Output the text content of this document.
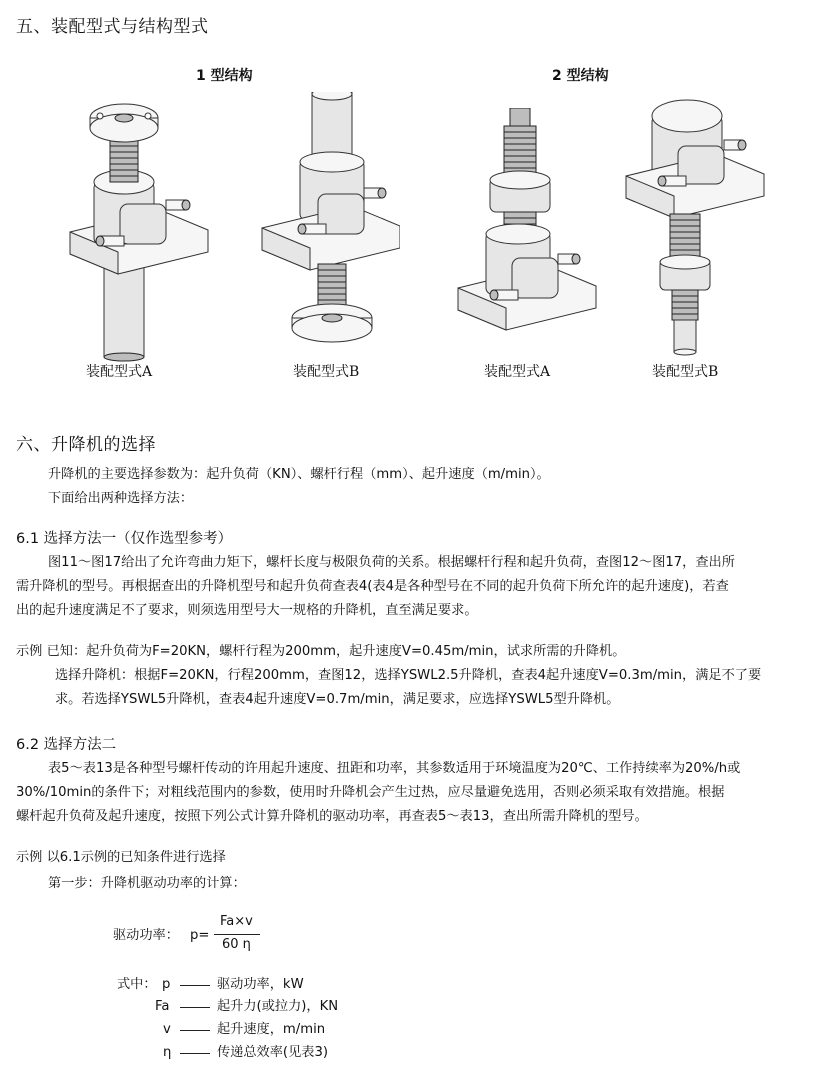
五、装配型式与结构型式
1 型结构	2 型结构
装配型式A	装配型式B	装配型式A	装配型式B
六、升降机的选择
升降机的主要选择参数为：起升负荷（KN）、螺杆行程（mm）、起升速度（m/min）。
下面给出两种选择方法：
6.1 选择方法一（仅作选型参考）
图11～图17给出了允许弯曲力矩下，螺杆长度与极限负荷的关系。根据螺杆行程和起升负荷，查图12～图17，查出所
需升降机的型号。再根据查出的升降机型号和起升负荷查表4(表4是各种型号在不同的起升负荷下所允许的起升速度)，若查
出的起升速度满足不了要求，则须选用型号大一规格的升降机，直至满足要求。
示例 已知：起升负荷为F=20KN，螺杆行程为200mm，起升速度V=0.45m/min，试求所需的升降机。
选择升降机：根据F=20KN，行程200mm，查图12，选择YSWL2.5升降机，查表4起升速度V=0.3m/min，满足不了要
求。若选择YSWL5升降机，查表4起升速度V=0.7m/min，满足要求，应选择YSWL5型升降机。
6.2 选择方法二
表5～表13是各种型号螺杆传动的许用起升速度、扭距和功率，其参数适用于环境温度为20℃、工作持续率为20%/h或
30%/10min的条件下；对粗线范围内的参数，使用时升降机会产生过热，应尽量避免选用，否则必须采取有效措施。根据
螺杆起升负荷及起升速度，按照下列公式计算升降机的驱动功率，再查表5～表13，查出所需升降机的型号。
示例 以6.1示例的已知条件进行选择
第一步：升降机驱动功率的计算：
驱动功率： p=
Fa×v
60 η
式中： p	驱动功率，kW
Fa	起升力(或拉力)，KN
v	起升速度，m/min
η	传递总效率(见表3)
